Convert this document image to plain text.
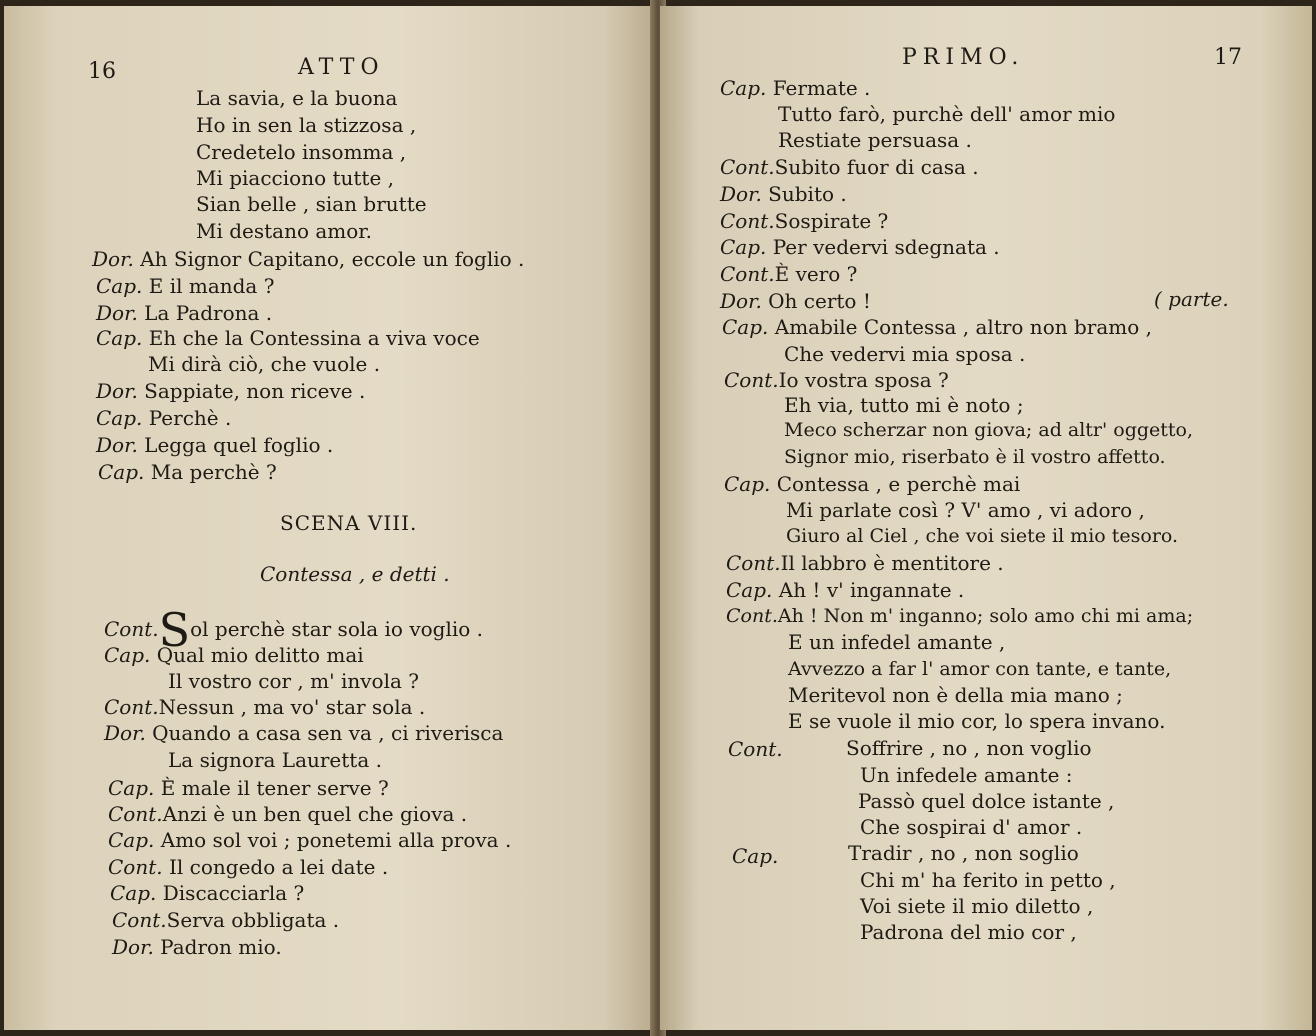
16	ATTO
La savia, e la buona
Ho in sen la stizzosa ,
Credetelo insomma ,
Mi piacciono tutte ,
Sian belle , sian brutte
Mi destano amor.
Dor. Ah Signor Capitano, eccole un foglio .
Cap. E il manda ?
Dor. La Padrona .
Cap. Eh che la Contessina a viva voce
Mi dirà ciò, che vuole .
Dor. Sappiate, non riceve .
Cap. Perchè .
Dor. Legga quel foglio .
Cap. Ma perchè ?
SCENA VIII.
Contessa , e detti .
Cont.Sol perchè star sola io voglio .
Cap. Qual mio delitto mai
Il vostro cor , m' invola ?
Cont.Nessun , ma vo' star sola .
Dor. Quando a casa sen va , ci riverisca
La signora Lauretta .
Cap. È male il tener serve ?
Cont.Anzi è un ben quel che giova .
Cap. Amo sol voi ; ponetemi alla prova .
Cont. Il congedo a lei date .
Cap. Discacciarla ?
Cont.Serva obbligata .
Dor. Padron mio.
PRIMO.	17
Cap. Fermate .
Tutto farò, purchè dell' amor mio
Restiate persuasa .
Cont.Subito fuor di casa .
Dor. Subito .
Cont.Sospirate ?
Cap. Per vedervi sdegnata .
Cont.È vero ?
Dor. Oh certo !	( parte.
Cap. Amabile Contessa , altro non bramo ,
Che vedervi mia sposa .
Cont.Io vostra sposa ?
Eh via, tutto mi è noto ;
Meco scherzar non giova; ad altr' oggetto,
Signor mio, riserbato è il vostro affetto.
Cap. Contessa , e perchè mai
Mi parlate così ? V' amo , vi adoro ,
Giuro al Ciel , che voi siete il mio tesoro.
Cont.Il labbro è mentitore .
Cap. Ah ! v' ingannate .
Cont.Ah ! Non m' inganno; solo amo chi mi ama;
E un infedel amante ,
Avvezzo a far l' amor con tante, e tante,
Meritevol non è della mia mano ;
E se vuole il mio cor, lo spera invano.
Cont.	Soffrire , no , non voglio
Un infedele amante :
Passò quel dolce istante ,
Che sospirai d' amor .
Cap.	Tradir , no , non soglio
Chi m' ha ferito in petto ,
Voi siete il mio diletto ,
Padrona del mio cor ,
